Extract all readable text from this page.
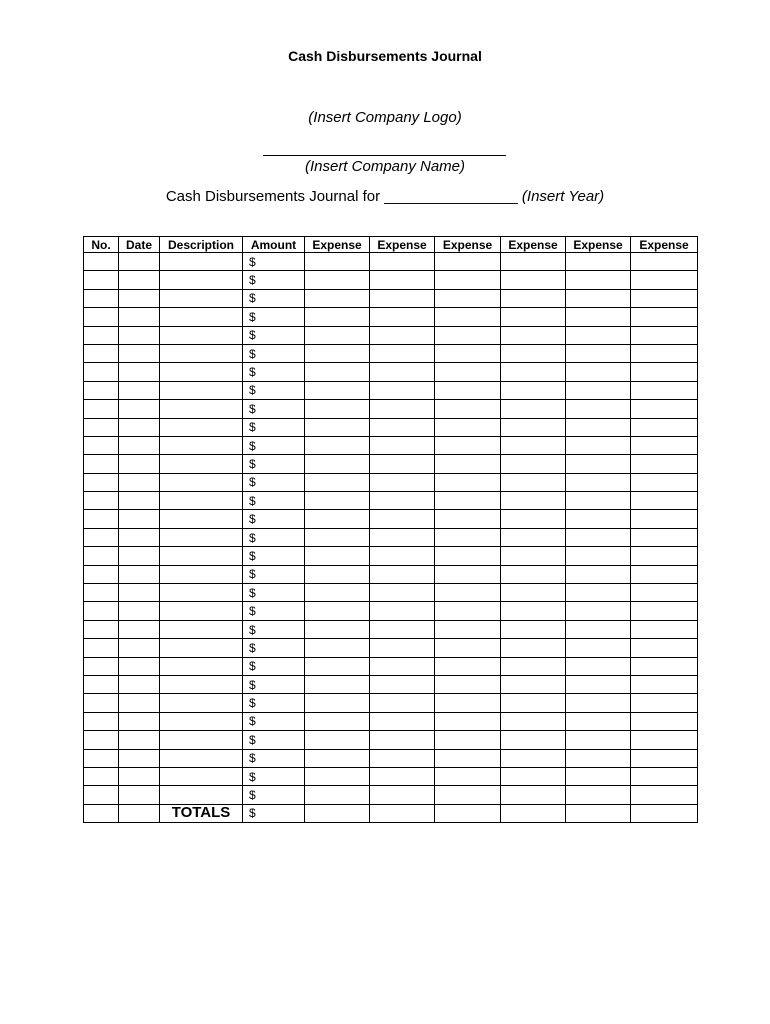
Cash Disbursements Journal
(Insert Company Logo)
(Insert Company Name)
Cash Disbursements Journal for ________________ (Insert Year)
No.	Date	Description	Amount	Expense	Expense	Expense	Expense	Expense	Expense
			$						
			$						
			$						
			$						
			$						
			$						
			$						
			$						
			$						
			$						
			$						
			$						
			$						
			$						
			$						
			$						
			$						
			$						
			$						
			$						
			$						
			$						
			$						
			$						
			$						
			$						
			$						
			$						
			$						
			$						
		TOTALS	$						
